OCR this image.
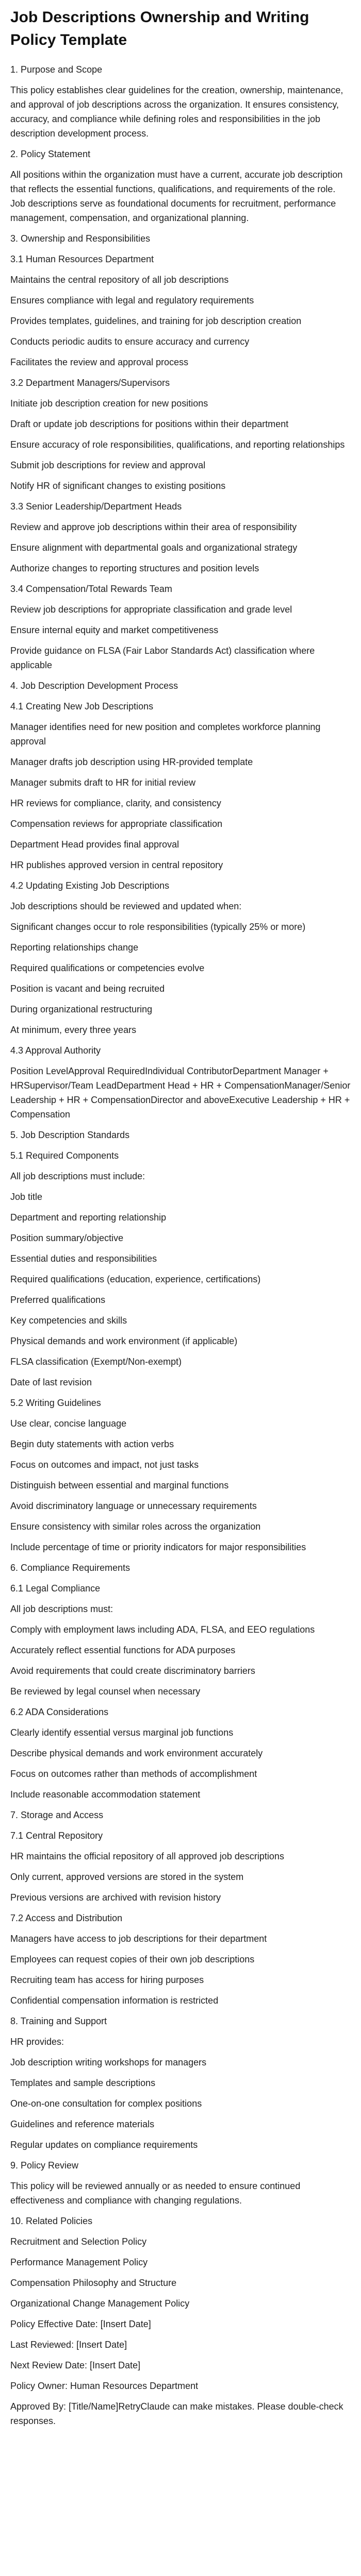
Job Descriptions Ownership and Writing Policy Template

1. Purpose and Scope

This policy establishes clear guidelines for the creation, ownership, maintenance, and approval of job descriptions across the organization. It ensures consistency, accuracy, and compliance while defining roles and responsibilities in the job description development process.

2. Policy Statement

All positions within the organization must have a current, accurate job description that reflects the essential functions, qualifications, and requirements of the role. Job descriptions serve as foundational documents for recruitment, performance management, compensation, and organizational planning.

3. Ownership and Responsibilities

3.1 Human Resources Department

Maintains the central repository of all job descriptions

Ensures compliance with legal and regulatory requirements

Provides templates, guidelines, and training for job description creation

Conducts periodic audits to ensure accuracy and currency

Facilitates the review and approval process

3.2 Department Managers/Supervisors

Initiate job description creation for new positions

Draft or update job descriptions for positions within their department

Ensure accuracy of role responsibilities, qualifications, and reporting relationships

Submit job descriptions for review and approval

Notify HR of significant changes to existing positions

3.3 Senior Leadership/Department Heads

Review and approve job descriptions within their area of responsibility

Ensure alignment with departmental goals and organizational strategy

Authorize changes to reporting structures and position levels

3.4 Compensation/Total Rewards Team

Review job descriptions for appropriate classification and grade level

Ensure internal equity and market competitiveness

Provide guidance on FLSA (Fair Labor Standards Act) classification where applicable

4. Job Description Development Process

4.1 Creating New Job Descriptions

Manager identifies need for new position and completes workforce planning approval

Manager drafts job description using HR-provided template

Manager submits draft to HR for initial review

HR reviews for compliance, clarity, and consistency

Compensation reviews for appropriate classification

Department Head provides final approval

HR publishes approved version in central repository

4.2 Updating Existing Job Descriptions

Job descriptions should be reviewed and updated when:

Significant changes occur to role responsibilities (typically 25% or more)

Reporting relationships change

Required qualifications or competencies evolve

Position is vacant and being recruited

During organizational restructuring

At minimum, every three years

4.3 Approval Authority

Position LevelApproval RequiredIndividual ContributorDepartment Manager + HRSupervisor/Team LeadDepartment Head + HR + CompensationManager/Senior Leadership + HR + CompensationDirector and aboveExecutive Leadership + HR + Compensation

5. Job Description Standards

5.1 Required Components

All job descriptions must include:

Job title

Department and reporting relationship

Position summary/objective

Essential duties and responsibilities

Required qualifications (education, experience, certifications)

Preferred qualifications

Key competencies and skills

Physical demands and work environment (if applicable)

FLSA classification (Exempt/Non-exempt)

Date of last revision

5.2 Writing Guidelines

Use clear, concise language

Begin duty statements with action verbs

Focus on outcomes and impact, not just tasks

Distinguish between essential and marginal functions

Avoid discriminatory language or unnecessary requirements

Ensure consistency with similar roles across the organization

Include percentage of time or priority indicators for major responsibilities

6. Compliance Requirements

6.1 Legal Compliance

All job descriptions must:

Comply with employment laws including ADA, FLSA, and EEO regulations

Accurately reflect essential functions for ADA purposes

Avoid requirements that could create discriminatory barriers

Be reviewed by legal counsel when necessary

6.2 ADA Considerations

Clearly identify essential versus marginal job functions

Describe physical demands and work environment accurately

Focus on outcomes rather than methods of accomplishment

Include reasonable accommodation statement

7. Storage and Access

7.1 Central Repository

HR maintains the official repository of all approved job descriptions

Only current, approved versions are stored in the system

Previous versions are archived with revision history

7.2 Access and Distribution

Managers have access to job descriptions for their department

Employees can request copies of their own job descriptions

Recruiting team has access for hiring purposes

Confidential compensation information is restricted

8. Training and Support

HR provides:

Job description writing workshops for managers

Templates and sample descriptions

One-on-one consultation for complex positions

Guidelines and reference materials

Regular updates on compliance requirements

9. Policy Review

This policy will be reviewed annually or as needed to ensure continued effectiveness and compliance with changing regulations.

10. Related Policies

Recruitment and Selection Policy

Performance Management Policy

Compensation Philosophy and Structure

Organizational Change Management Policy

Policy Effective Date: [Insert Date]

Last Reviewed: [Insert Date]

Next Review Date: [Insert Date]

Policy Owner: Human Resources Department

Approved By: [Title/Name]RetryClaude can make mistakes. Please double-check responses.
